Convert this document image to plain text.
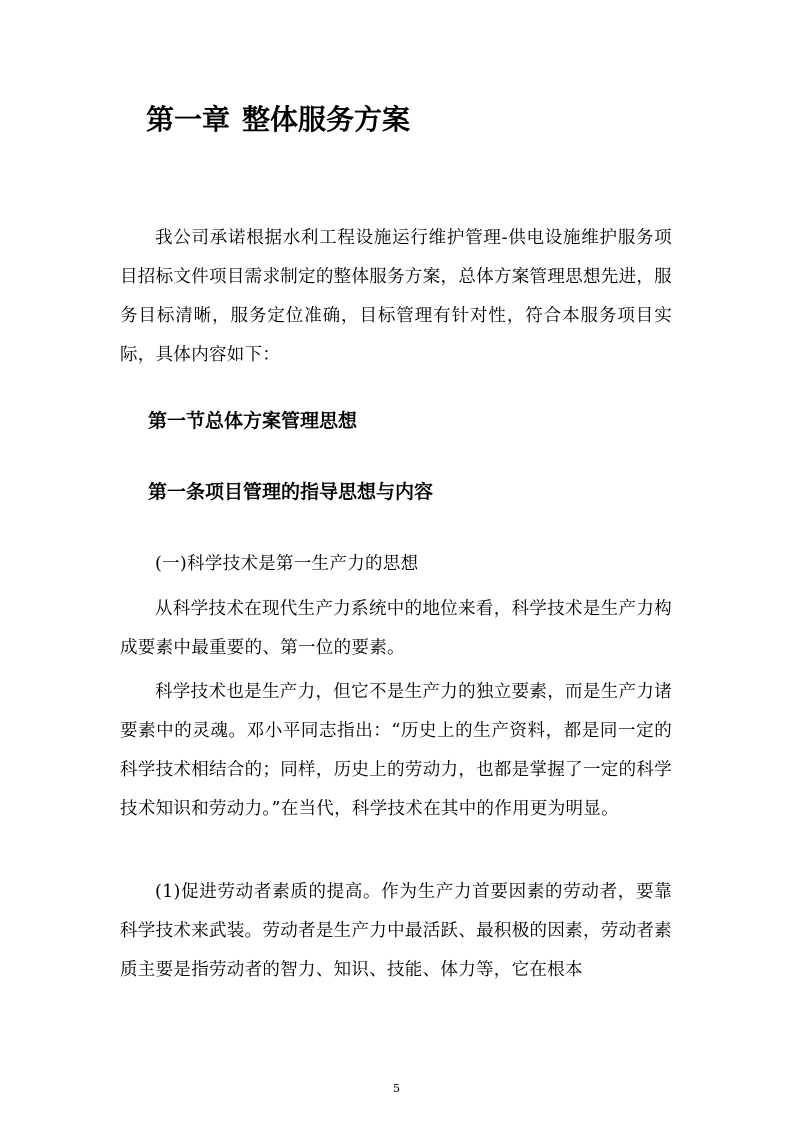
第一章 整体服务方案

我公司承诺根据水利工程设施运行维护管理-供电设施维护服务项目招标文件项目需求制定的整体服务方案，总体方案管理思想先进，服务目标清晰，服务定位准确，目标管理有针对性，符合本服务项目实际，具体内容如下：

第一节总体方案管理思想
第一条项目管理的指导思想与内容

(一)科学技术是第一生产力的思想

从科学技术在现代生产力系统中的地位来看，科学技术是生产力构成要素中最重要的、第一位的要素。

科学技术也是生产力，但它不是生产力的独立要素，而是生产力诸要素中的灵魂。邓小平同志指出：“历史上的生产资料，都是同一定的科学技术相结合的；同样，历史上的劳动力，也都是掌握了一定的科学技术知识和劳动力。”在当代，科学技术在其中的作用更为明显。

(1)促进劳动者素质的提高。作为生产力首要因素的劳动者，要靠科学技术来武装。劳动者是生产力中最活跃、最积极的因素，劳动者素质主要是指劳动者的智力、知识、技能、体力等，它在根本

5
